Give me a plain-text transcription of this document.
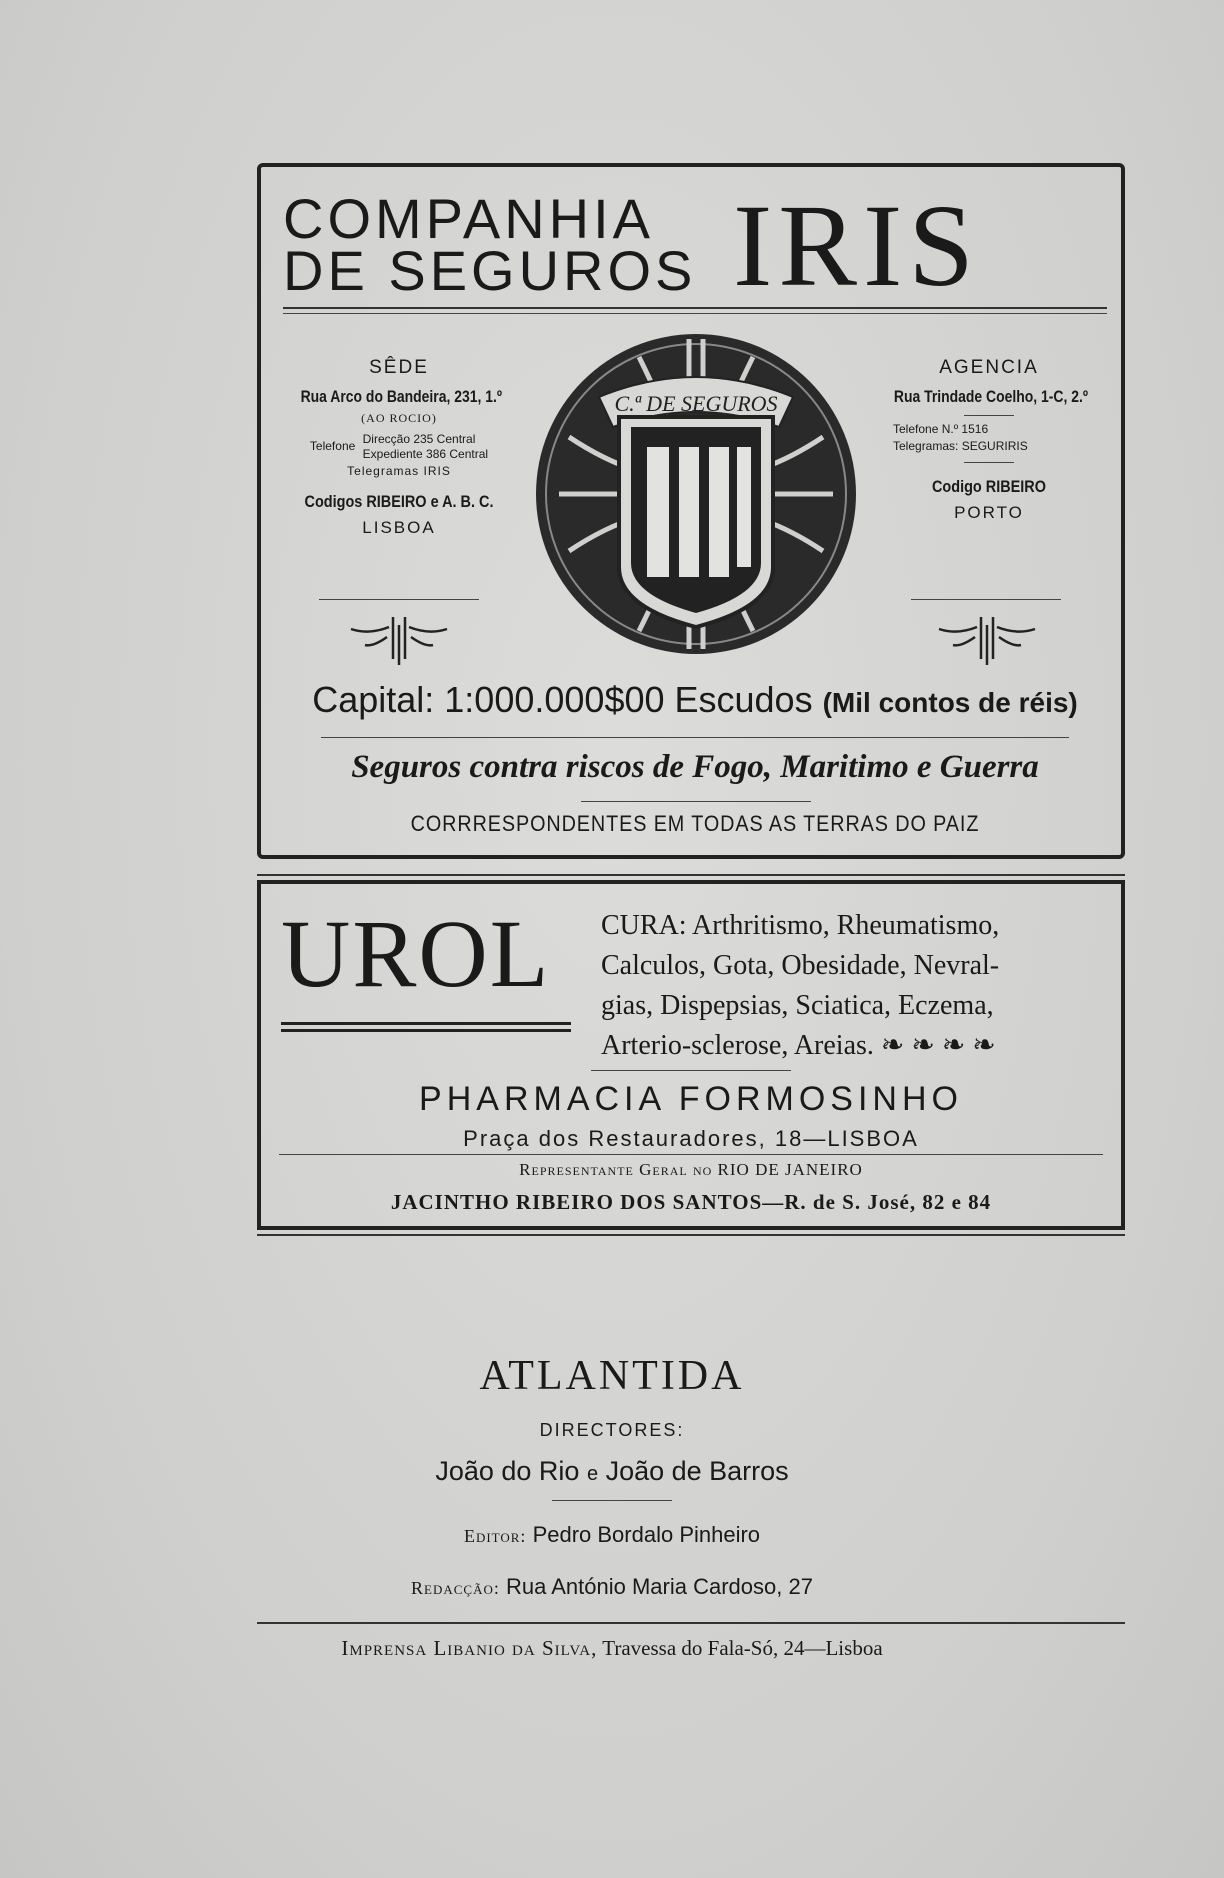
COMPANHIA
DE SEGUROS IRIS
SÊDE
Rua Arco do Bandeira, 231, 1.º
(AO ROCIO)
Telefone
Direcção 235 Central
Expediente 386 Central
Telegramas IRIS
Codigos RIBEIRO e A. B. C.
LISBOA
C.ª DE SEGUROS
AGENCIA
Rua Trindade Coelho, 1-C, 2.º
Telefone N.º 1516
Telegramas: SEGURIRIS
Codigo RIBEIRO
PORTO
Capital: 1:000.000$00 Escudos (Mil contos de réis)
Seguros contra riscos de Fogo, Maritimo e Guerra
CORRRESPONDENTES EM TODAS AS TERRAS DO PAIZ
UROL CURA: Arthritismo, Rheumatismo,
Calculos, Gota, Obesidade, Nevral-
gias, Dispepsias, Sciatica, Eczema,
Arterio-sclerose, Areias. ❧ ❧ ❧ ❧
PHARMACIA FORMOSINHO
Praça dos Restauradores, 18—LISBOA
Representante Geral no RIO DE JANEIRO
JACINTHO RIBEIRO DOS SANTOS—R. de S. José, 82 e 84
ATLANTIDA
DIRECTORES:
João do Rio e João de Barros
Editor: Pedro Bordalo Pinheiro
Redacção: Rua António Maria Cardoso, 27
Imprensa Libanio da Silva, Travessa do Fala-Só, 24—Lisboa
